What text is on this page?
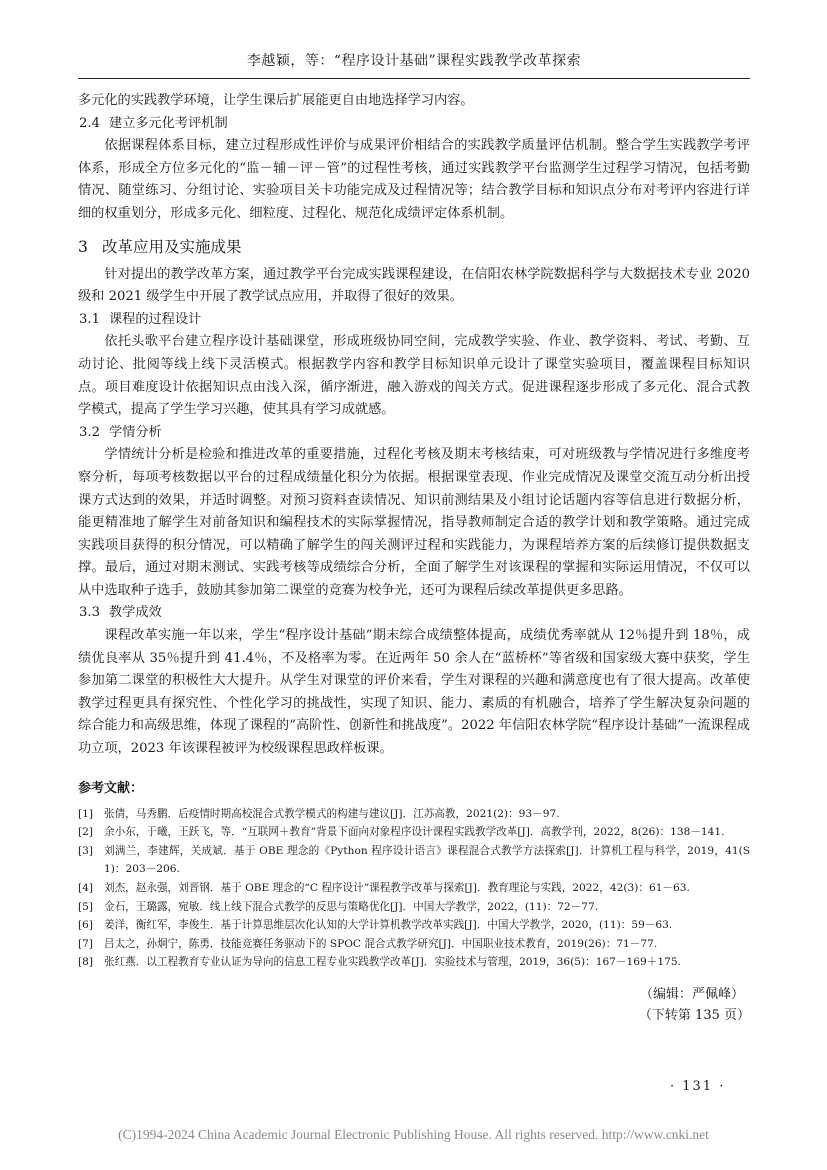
李越颖，等：“程序设计基础”课程实践教学改革探索

多元化的实践教学环境，让学生课后扩展能更自由地选择学习内容。

2.4 建立多元化考评机制

依据课程体系目标，建立过程形成性评价与成果评价相结合的实践教学质量评估机制。整合学生实践教学考评体系，形成全方位多元化的“监－辅－评－管”的过程性考核，通过实践教学平台监测学生过程学习情况，包括考勤情况、随堂练习、分组讨论、实验项目关卡功能完成及过程情况等；结合教学目标和知识点分布对考评内容进行详细的权重划分，形成多元化、细粒度、过程化、规范化成绩评定体系机制。

3 改革应用及实施成果

针对提出的教学改革方案，通过教学平台完成实践课程建设，在信阳农林学院数据科学与大数据技术专业 2020 级和 2021 级学生中开展了教学试点应用，并取得了很好的效果。

3.1 课程的过程设计

依托头歌平台建立程序设计基础课堂，形成班级协同空间，完成教学实验、作业、教学资料、考试、考勤、互动讨论、批阅等线上线下灵活模式。根据教学内容和教学目标知识单元设计了课堂实验项目，覆盖课程目标知识点。项目难度设计依据知识点由浅入深，循序渐进，融入游戏的闯关方式。促进课程逐步形成了多元化、混合式教学模式，提高了学生学习兴趣，使其具有学习成就感。

3.2 学情分析

学情统计分析是检验和推进改革的重要措施，过程化考核及期末考核结束，可对班级教与学情况进行多维度考察分析，每项考核数据以平台的过程成绩量化积分为依据。根据课堂表现、作业完成情况及课堂交流互动分析出授课方式达到的效果，并适时调整。对预习资料查读情况、知识前测结果及小组讨论话题内容等信息进行数据分析，能更精准地了解学生对前备知识和编程技术的实际掌握情况，指导教师制定合适的教学计划和教学策略。通过完成实践项目获得的积分情况，可以精确了解学生的闯关测评过程和实践能力，为课程培养方案的后续修订提供数据支撑。最后，通过对期末测试、实践考核等成绩综合分析，全面了解学生对该课程的掌握和实际运用情况，不仅可以从中选取种子选手，鼓励其参加第二课堂的竞赛为校争光，还可为课程后续改革提供更多思路。

3.3 教学成效

课程改革实施一年以来，学生“程序设计基础”期末综合成绩整体提高，成绩优秀率就从 12％提升到 18％，成绩优良率从 35％提升到 41.4％，不及格率为零。在近两年 50 余人在“蓝桥杯”等省级和国家级大赛中获奖，学生参加第二课堂的积极性大大提升。从学生对课堂的评价来看，学生对课程的兴趣和满意度也有了很大提高。改革使教学过程更具有探究性、个性化学习的挑战性，实现了知识、能力、素质的有机融合，培养了学生解决复杂问题的综合能力和高级思维，体现了课程的“高阶性、创新性和挑战度”。2022 年信阳农林学院“程序设计基础”一流课程成功立项，2023 年该课程被评为校级课程思政样板课。

参考文献：
[1]	张倩，马秀鹏．后疫情时期高校混合式教学模式的构建与建议[J]．江苏高教，2021(2)：93－97.
[2]	余小东，于曦，王跃飞，等．“互联网＋教育”背景下面向对象程序设计课程实践教学改革[J]．高教学刊，2022，8(26)：138－141.
[3]	刘满兰，李建辉，关成斌．基于 OBE 理念的《Python 程序设计语言》课程混合式教学方法探索[J]．计算机工程与科学，2019，41(S1)：203－206.
[4]	刘杰，赵永强，刘晋钢．基于 OBE 理念的“C 程序设计”课程教学改革与探索[J]．教育理论与实践，2022，42(3)：61－63.
[5]	金石，王璐露，宛敏．线上线下混合式教学的反思与策略优化[J]．中国大学教学，2022，(11)：72－77.
[6]	姜洋，衡红军，李俊生．基于计算思维层次化认知的大学计算机教学改革实践[J]．中国大学教学，2020，(11)：59－63.
[7]	吕太之，孙炯宁，陈勇．技能竞赛任务驱动下的 SPOC 混合式教学研究[J]．中国职业技术教育，2019(26)：71－77.
[8]	张红燕．以工程教育专业认证为导向的信息工程专业实践教学改革[J]．实验技术与管理，2019，36(5)：167－169＋175.
（编辑：严佩峰）
（下转第 135 页）
· 131 ·
(C)1994-2024 China Academic Journal Electronic Publishing House. All rights reserved. http://www.cnki.net
